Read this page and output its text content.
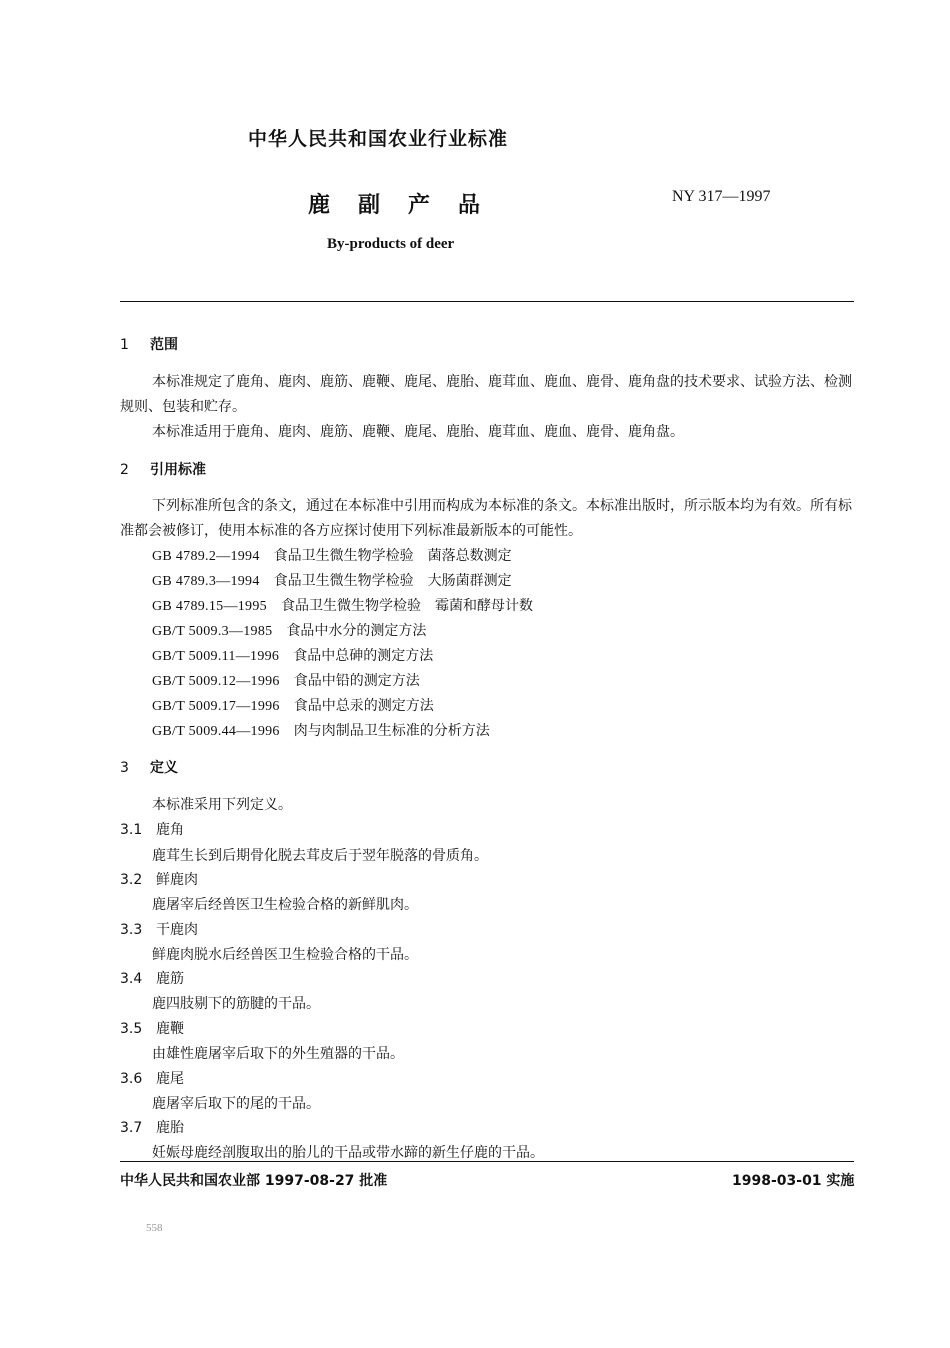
中华人民共和国农业行业标准
鹿副产品	NY 317—1997
By-products of deer
1 范围
本标准规定了鹿角、鹿肉、鹿筋、鹿鞭、鹿尾、鹿胎、鹿茸血、鹿血、鹿骨、鹿角盘的技术要求、试验方法、检测规则、包装和贮存。
本标准适用于鹿角、鹿肉、鹿筋、鹿鞭、鹿尾、鹿胎、鹿茸血、鹿血、鹿骨、鹿角盘。
2 引用标准
下列标准所包含的条文，通过在本标准中引用而构成为本标准的条文。本标准出版时，所示版本均为有效。所有标准都会被修订，使用本标准的各方应探讨使用下列标准最新版本的可能性。
GB 4789.2—1994 食品卫生微生物学检验　菌落总数测定
GB 4789.3—1994 食品卫生微生物学检验　大肠菌群测定
GB 4789.15—1995 食品卫生微生物学检验　霉菌和酵母计数
GB/T 5009.3—1985 食品中水分的测定方法
GB/T 5009.11—1996 食品中总砷的测定方法
GB/T 5009.12—1996 食品中铅的测定方法
GB/T 5009.17—1996 食品中总汞的测定方法
GB/T 5009.44—1996 肉与肉制品卫生标准的分析方法
3 定义
本标准采用下列定义。
3.1 鹿角
鹿茸生长到后期骨化脱去茸皮后于翌年脱落的骨质角。
3.2 鲜鹿肉
鹿屠宰后经兽医卫生检验合格的新鲜肌肉。
3.3 干鹿肉
鲜鹿肉脱水后经兽医卫生检验合格的干品。
3.4 鹿筋
鹿四肢剔下的筋腱的干品。
3.5 鹿鞭
由雄性鹿屠宰后取下的外生殖器的干品。
3.6 鹿尾
鹿屠宰后取下的尾的干品。
3.7 鹿胎
妊娠母鹿经剖腹取出的胎儿的干品或带水蹄的新生仔鹿的干品。
中华人民共和国农业部 1997-08-27 批准	1998-03-01 实施
558
